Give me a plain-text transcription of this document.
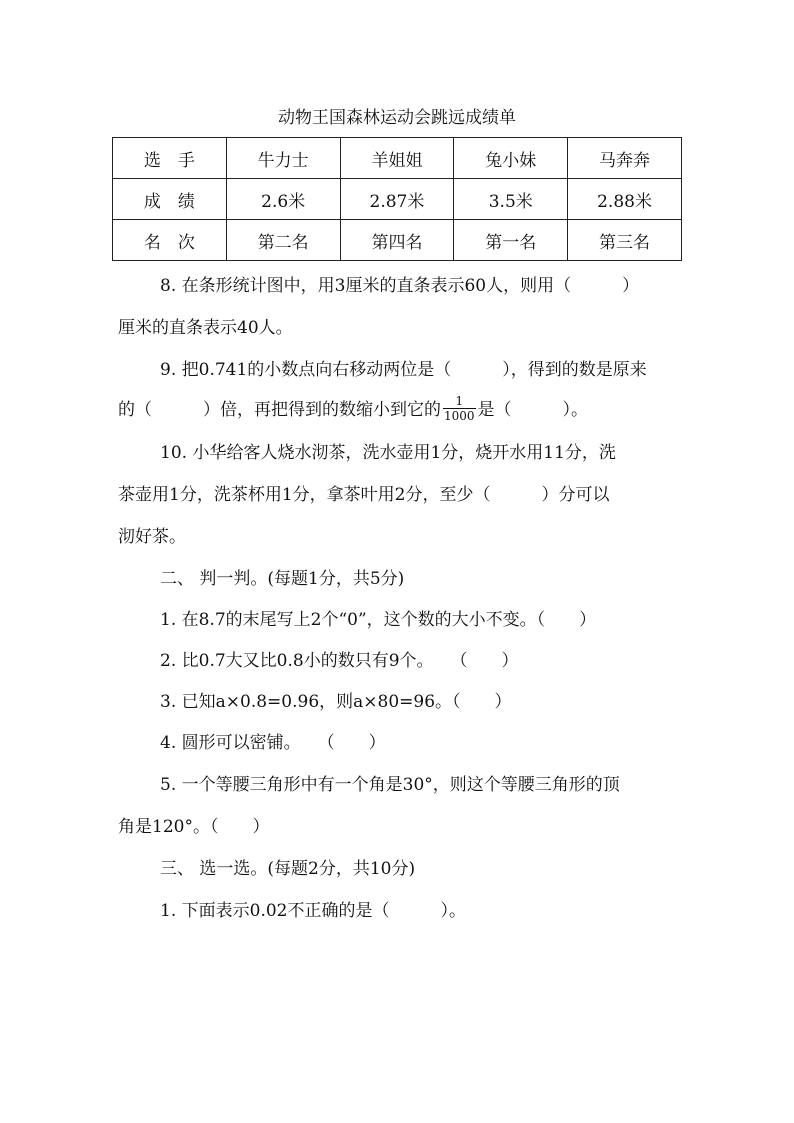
动物王国森林运动会跳远成绩单
选　手	牛力士	羊姐姐	兔小妹	马奔奔
成　绩	2.6米	2.87米	3.5米	2.88米
名　次	第二名	第四名	第一名	第三名
8. 在条形统计图中，用3厘米的直条表示60人，则用（　　　）
厘米的直条表示40人。
9. 把0.741的小数点向右移动两位是（　　　），得到的数是原来
的（　　　）倍，再把得到的数缩小到它的 $\frac{1}{1000}$ 是（　　　）。
10. 小华给客人烧水沏茶，洗水壶用1分，烧开水用11分，洗
茶壶用1分，洗茶杯用1分，拿茶叶用2分，至少（　　　）分可以
沏好茶。
二、 判一判。(每题1分，共5分)
1. 在8.7的末尾写上2个“0”，这个数的大小不变。（　　）
2. 比0.7大又比0.8小的数只有9个。　　（　　）
3. 已知a×0.8=0.96，则a×80=96。（　　）
4. 圆形可以密铺。　　（　　）
5. 一个等腰三角形中有一个角是30°，则这个等腰三角形的顶
角是120°。（　　）
三、 选一选。(每题2分，共10分)
1. 下面表示0.02不正确的是（　　　）。
